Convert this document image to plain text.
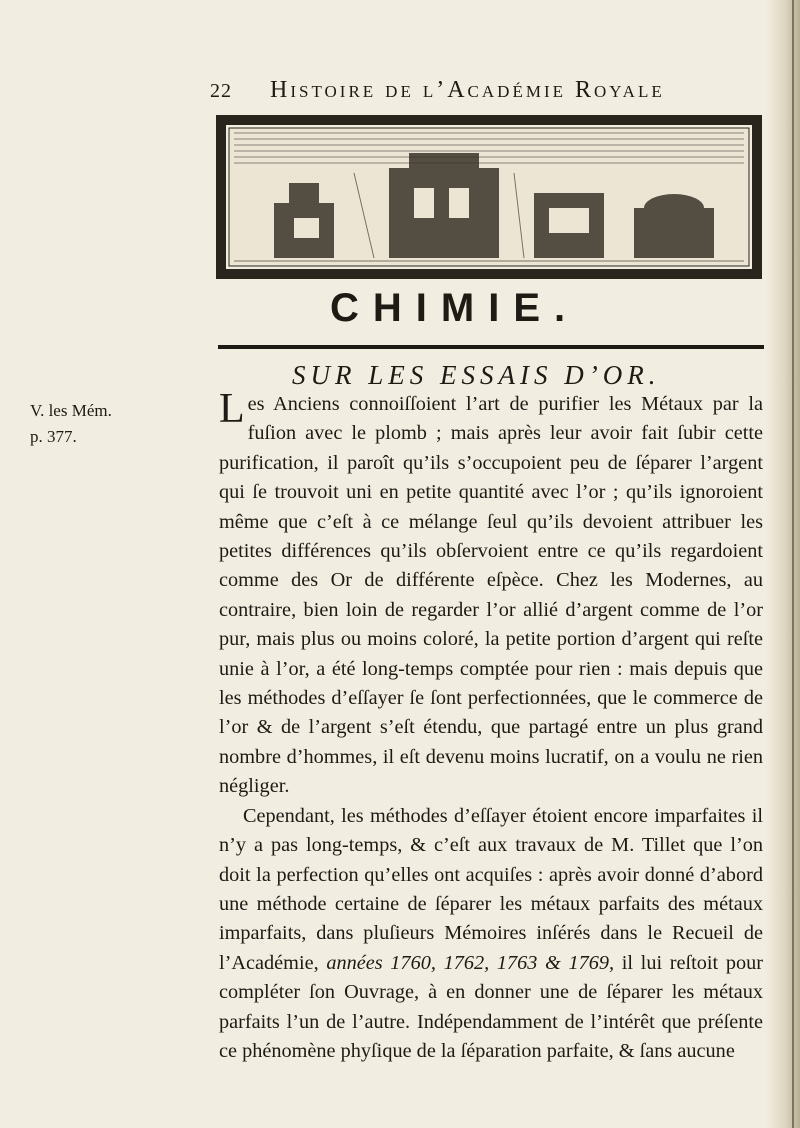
22	Histoire de l’Académie Royale
CHIMIE.
SUR LES ESSAIS D’OR.
V. les Mém.
p. 377.

Les Anciens connoiſſoient l’art de purifier les Métaux par la fuſion avec le plomb ; mais après leur avoir fait ſubir cette purification, il paroît qu’ils s’occupoient peu de ſéparer l’argent qui ſe trouvoit uni en petite quantité avec l’or ; qu’ils ignoroient même que c’eſt à ce mélange ſeul qu’ils devoient attribuer les petites différences qu’ils obſervoient entre ce qu’ils regardoient comme des Or de différente eſpèce. Chez les Modernes, au contraire, bien loin de regarder l’or allié d’argent comme de l’or pur, mais plus ou moins coloré, la petite portion d’argent qui reſte unie à l’or, a été long-temps comptée pour rien : mais depuis que les méthodes d’eſſayer ſe ſont perfectionnées, que le commerce de l’or & de l’argent s’eſt étendu, que partagé entre un plus grand nombre d’hommes, il eſt devenu moins lucratif, on a voulu ne rien négliger.

Cependant, les méthodes d’eſſayer étoient encore imparfaites il n’y a pas long-temps, & c’eſt aux travaux de M. Tillet que l’on doit la perfection qu’elles ont acquiſes : après avoir donné d’abord une méthode certaine de ſéparer les métaux parfaits des métaux imparfaits, dans pluſieurs Mémoires inſérés dans le Recueil de l’Académie, années 1760, 1762, 1763 & 1769, il lui reſtoit pour compléter ſon Ouvrage, à en donner une de ſéparer les métaux parfaits l’un de l’autre. Indépendamment de l’intérêt que préſente ce phénomène phyſique de la ſéparation parfaite, & ſans aucune
